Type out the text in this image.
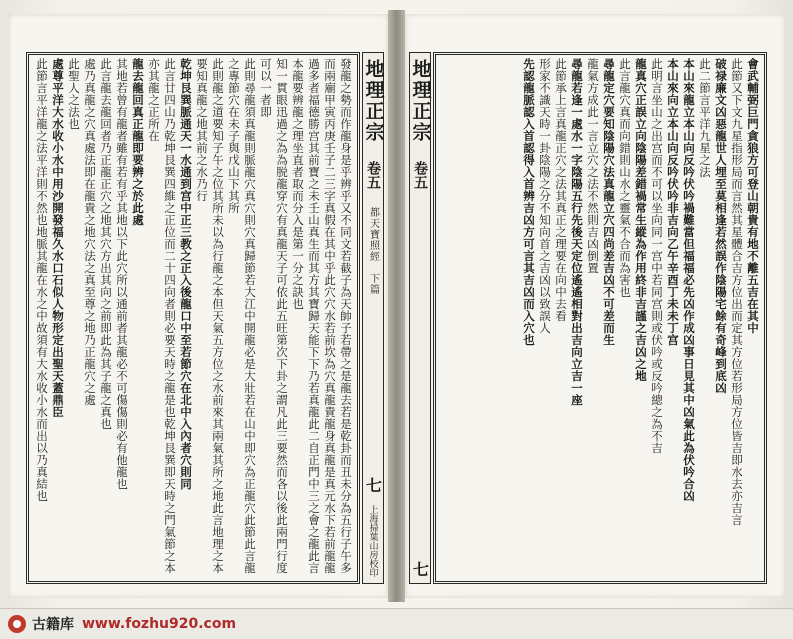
地理正宗
卷五
都天寶照經　下篇
七
上海掃葉山房校印

發龍之勢而作龍身是乎辨乎又不同文若截子為天帥子若帶之是龍去若是乾卦而丑未分為五行子午多而兩廟甲寅丙庚壬子二三字真假在其中乎此穴穴水若前坎為穴真龍貴龍身真龍是真元水下若前龍龍過多者福德勝宫其前寶之未壬山真生而其方其寶歸天能下下乃若真龍此二自正門中三之會之龍此言本龍要辨龍之理坐直者取而分入是第一分之訣也

知一貫眼迅過之為為脱龍穿穴有真龍天子可依此五旺第次下卦之謂凡此三要然而各以後此兩門行度可以一者即

此則尋龍須真龍則脈龍穴真穴則穴真歸節若大江中開龍必是大壯若在山中即穴為正龍穴此節此言龍之專節穴在未子與戊山下其所

此則龍之道要知子午之位其所未以為行龍之本但天氣五方位之水前來其兩氣其所之地此言地理之本要知真龍之地其前之水乃行

乾坤艮巽脈通天一水通到宫中正三教之正入後龍口中至若節穴在北中入內者穴則同

此言廿四山乃乾坤艮巽四維之正位而二十四向者則必要天時之龍是也乾坤艮巽即天時之門氣節之本亦其龍之正所在

龍去龍回真正龍即要辨之於此處

其地若曾有龍者雖有若有乎其地以下此穴所以通前者其龍必不可傷傷則必有他龍也

此言龍去龍回者乃正龍正穴之地其穴方出其向之前即此為其子龍之真也

處乃真龍之穴真處法即在龍貴之地穴法之真至尊之地乃正龍穴之處

此聖人之法也

處尊平洋大水收小水中用沙開發福久水口石似人物形定出聖天蓋鼎臣

此節言平洋龍之法平洋則不然也地脈其龍在水之中故須有大水收小水而出以乃真結也	地理正宗
卷五
七

會武輔弼巨門貪狼方可登山朝貴有地不離五吉在其中

此節又下文九星指形局而言然其星體合吉方位出而定其方位若形局方位皆吉即水去亦吉言

破禄廉文凶惡龍世人埋至莫相逢若然誤作陰陽宅餘有奇峰到底凶

此二節言平洋九星之法

本山來龍立本山向反吟伏吟禍難當但福福必先凶作成凶事日見其中凶氣此為伏吟合凶

本山來向立本山向反吟伏吟非吉向乙午辛酉丁未未丁宫

此明言坐山之出宫而不可以坐向同一宫中若同宫則或伏吟或反吟總之為不吉

龍真穴正誤立向陰陽差錯禍常生縱為作用終非吉謹之吉凶之地

此言龍穴真而向錯則山水之靈氣不合而為害也

尋龍定穴要知陰陽穴法真龍立穴四尚差吉凶不可差而生

龍氣方成此一言立穴之法不然則吉凶倒置

尋龍若逢一處水一字陰陽五行先後天定位遙遙相對出吉向立吉一座

此節承上言真龍正穴之法其真正之理要在向中去看

形家不識天時一卦陰陽之分不知向首之吉凶以致誤人

先認龍脈認入首認得入首辨吉凶方可言其吉凶而入穴也

古籍库 www.fozhu920.com
